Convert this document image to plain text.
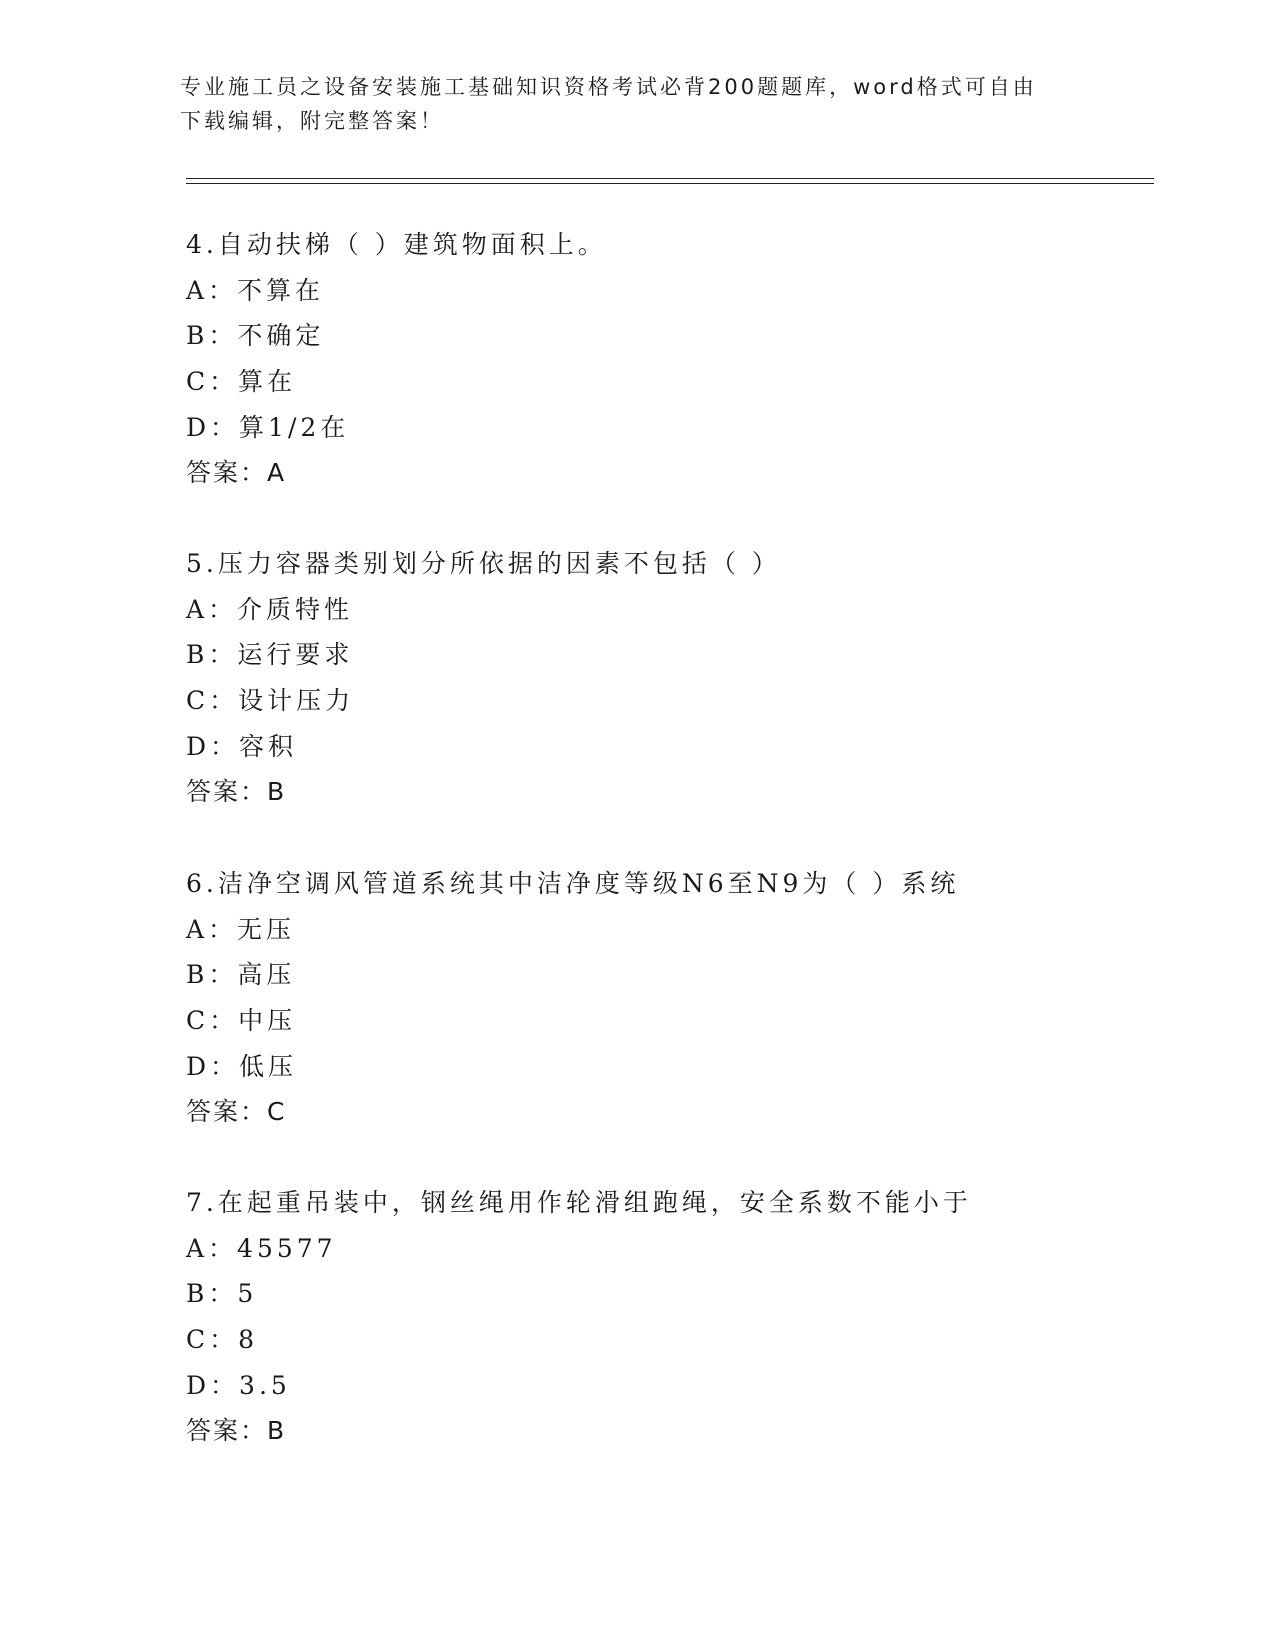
专业施工员之设备安装施工基础知识资格考试必背200题题库，word格式可自由
下载编辑，附完整答案！
4.自动扶梯（ ）建筑物面积上。
A：不算在
B：不确定
C：算在
D：算1/2在
答案：A
5.压力容器类别划分所依据的因素不包括（ ）
A：介质特性
B：运行要求
C：设计压力
D：容积
答案：B
6.洁净空调风管道系统其中洁净度等级N6至N9为（ ）系统
A：无压
B：高压
C：中压
D：低压
答案：C
7.在起重吊装中，钢丝绳用作轮滑组跑绳，安全系数不能小于
A：45577
B：5
C：8
D：3.5
答案：B
